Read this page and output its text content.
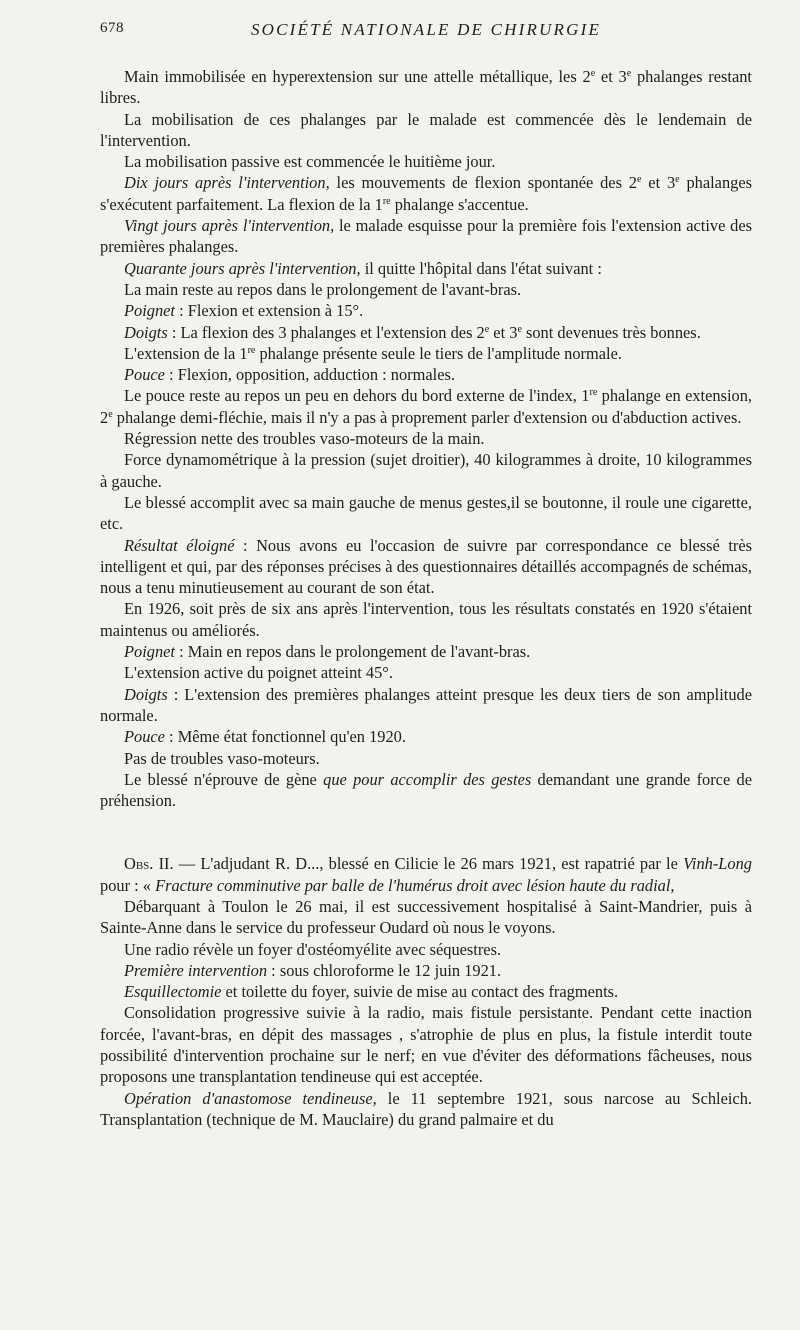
678	SOCIÉTÉ NATIONALE DE CHIRURGIE

Main immobilisée en hyperextension sur une attelle métallique, les 2e et 3e phalanges restant libres.

La mobilisation de ces phalanges par le malade est commencée dès le lendemain de l'intervention.

La mobilisation passive est commencée le huitième jour.

Dix jours après l'intervention, les mouvements de flexion spontanée des 2e et 3e phalanges s'exécutent parfaitement. La flexion de la 1re phalange s'accentue.

Vingt jours après l'intervention, le malade esquisse pour la première fois l'extension active des premières phalanges.

Quarante jours après l'intervention, il quitte l'hôpital dans l'état suivant :

La main reste au repos dans le prolongement de l'avant-bras.

Poignet : Flexion et extension à 15°.

Doigts : La flexion des 3 phalanges et l'extension des 2e et 3e sont devenues très bonnes.

L'extension de la 1re phalange présente seule le tiers de l'amplitude normale.

Pouce : Flexion, opposition, adduction : normales.

Le pouce reste au repos un peu en dehors du bord externe de l'index, 1re phalange en extension, 2e phalange demi-fléchie, mais il n'y a pas à proprement parler d'extension ou d'abduction actives.

Régression nette des troubles vaso-moteurs de la main.

Force dynamométrique à la pression (sujet droitier), 40 kilogrammes à droite, 10 kilogrammes à gauche.

Le blessé accomplit avec sa main gauche de menus gestes,il se boutonne, il roule une cigarette, etc.

Résultat éloigné : Nous avons eu l'occasion de suivre par correspondance ce blessé très intelligent et qui, par des réponses précises à des questionnaires détaillés accompagnés de schémas, nous a tenu minutieusement au courant de son état.

En 1926, soit près de six ans après l'intervention, tous les résultats constatés en 1920 s'étaient maintenus ou améliorés.

Poignet : Main en repos dans le prolongement de l'avant-bras.

L'extension active du poignet atteint 45°.

Doigts : L'extension des premières phalanges atteint presque les deux tiers de son amplitude normale.

Pouce : Même état fonctionnel qu'en 1920.

Pas de troubles vaso-moteurs.

Le blessé n'éprouve de gène que pour accomplir des gestes demandant une grande force de préhension.

Obs. II. — L'adjudant R. D..., blessé en Cilicie le 26 mars 1921, est rapatrié par le Vinh-Long pour : « Fracture comminutive par balle de l'humérus droit avec lésion haute du radial,

Débarquant à Toulon le 26 mai, il est successivement hospitalisé à Saint-Mandrier, puis à Sainte-Anne dans le service du professeur Oudard où nous le voyons.

Une radio révèle un foyer d'ostéomyélite avec séquestres.

Première intervention : sous chloroforme le 12 juin 1921.

Esquillectomie et toilette du foyer, suivie de mise au contact des fragments.

Consolidation progressive suivie à la radio, mais fistule persistante. Pendant cette inaction forcée, l'avant-bras, en dépit des massages , s'atrophie de plus en plus, la fistule interdit toute possibilité d'intervention prochaine sur le nerf; en vue d'éviter des déformations fâcheuses, nous proposons une transplantation tendineuse qui est acceptée.

Opération d'anastomose tendineuse, le 11 septembre 1921, sous narcose au Schleich. Transplantation (technique de M. Mauclaire) du grand palmaire et du
